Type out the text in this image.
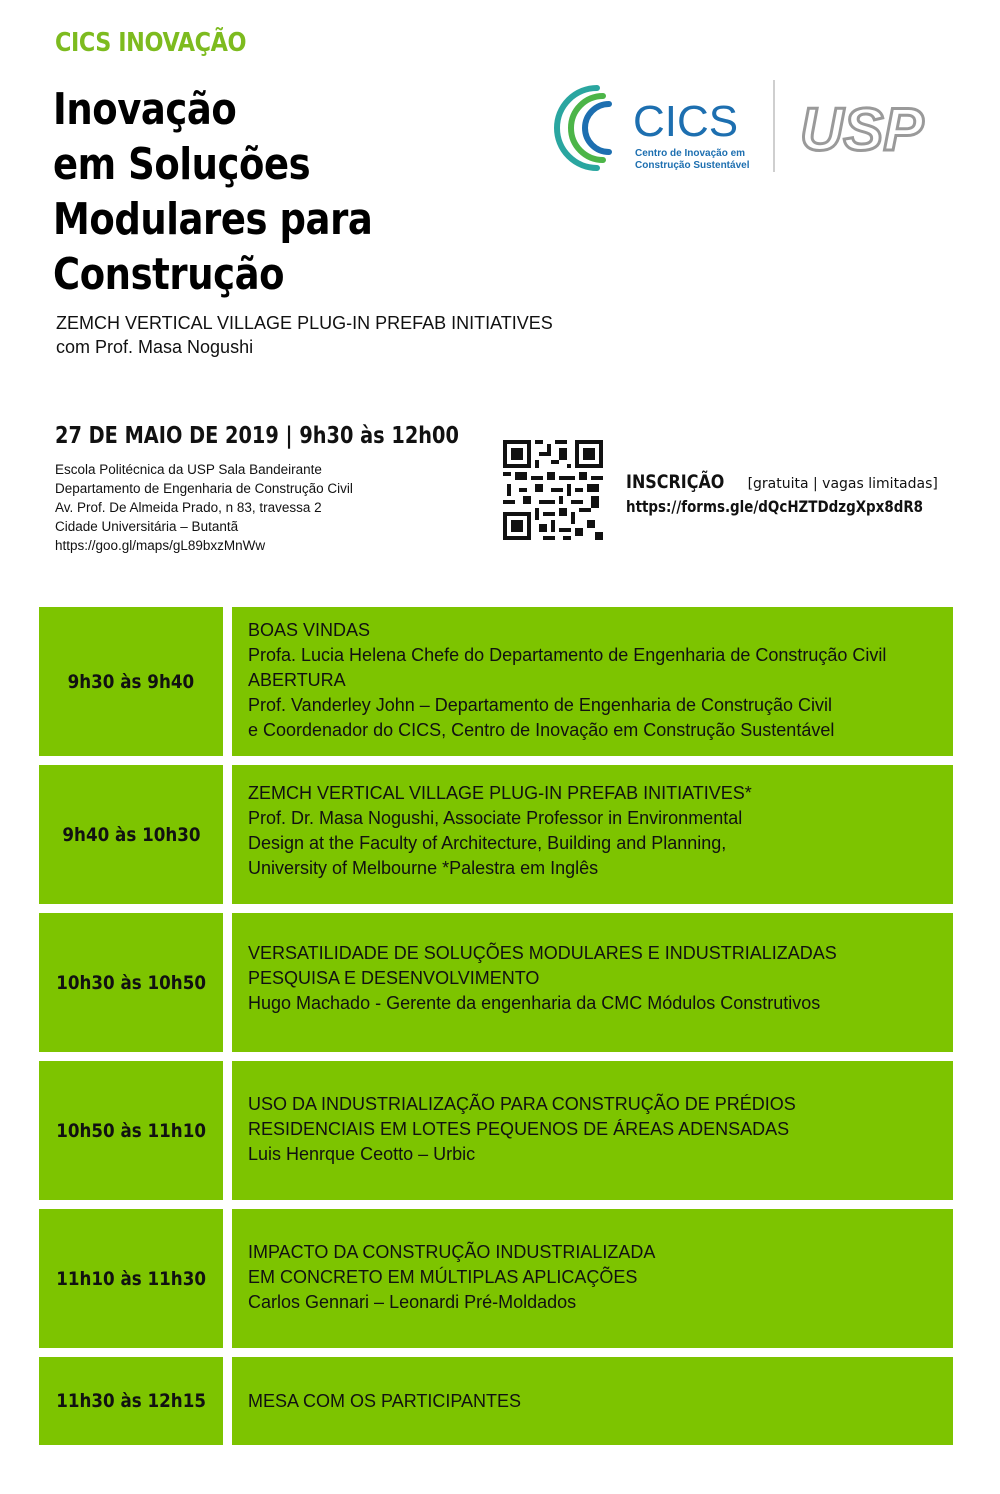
CICS INOVAÇÃO
Inovação
em Soluções
Modulares para
Construção
ZEMCH VERTICAL VILLAGE PLUG-IN PREFAB INITIATIVES
com Prof. Masa Nogushi
CICS
Centro de Inovação em
Construção Sustentável
USP
27 DE MAIO DE 2019 | 9h30 às 12h00
Escola Politécnica da USP Sala Bandeirante
Departamento de Engenharia de Construção Civil
Av. Prof. De Almeida Prado, n 83, travessa 2
Cidade Universitária – Butantã
https://goo.gl/maps/gL89bxzMnWw
INSCRIÇÃO [gratuita | vagas limitadas]
https://forms.gle/dQcHZTDdzgXpx8dR8
9h30 às 9h40
BOAS VINDAS
Profa. Lucia Helena Chefe do Departamento de Engenharia de Construção Civil
ABERTURA
Prof. Vanderley John – Departamento de Engenharia de Construção Civil
e Coordenador do CICS, Centro de Inovação em Construção Sustentável
9h40 às 10h30
ZEMCH VERTICAL VILLAGE PLUG-IN PREFAB INITIATIVES*
Prof. Dr. Masa Nogushi, Associate Professor in Environmental
Design at the Faculty of Architecture, Building and Planning,
University of Melbourne *Palestra em Inglês
10h30 às 10h50
VERSATILIDADE DE SOLUÇÕES MODULARES E INDUSTRIALIZADAS
PESQUISA E DESENVOLVIMENTO
Hugo Machado - Gerente da engenharia da CMC Módulos Construtivos
10h50 às 11h10
USO DA INDUSTRIALIZAÇÃO PARA CONSTRUÇÃO DE PRÉDIOS
RESIDENCIAIS EM LOTES PEQUENOS DE ÁREAS ADENSADAS
Luis Henrque Ceotto – Urbic
11h10 às 11h30
IMPACTO DA CONSTRUÇÃO INDUSTRIALIZADA
EM CONCRETO EM MÚLTIPLAS APLICAÇÕES
Carlos Gennari – Leonardi Pré-Moldados
11h30 às 12h15 MESA COM OS PARTICIPANTES
